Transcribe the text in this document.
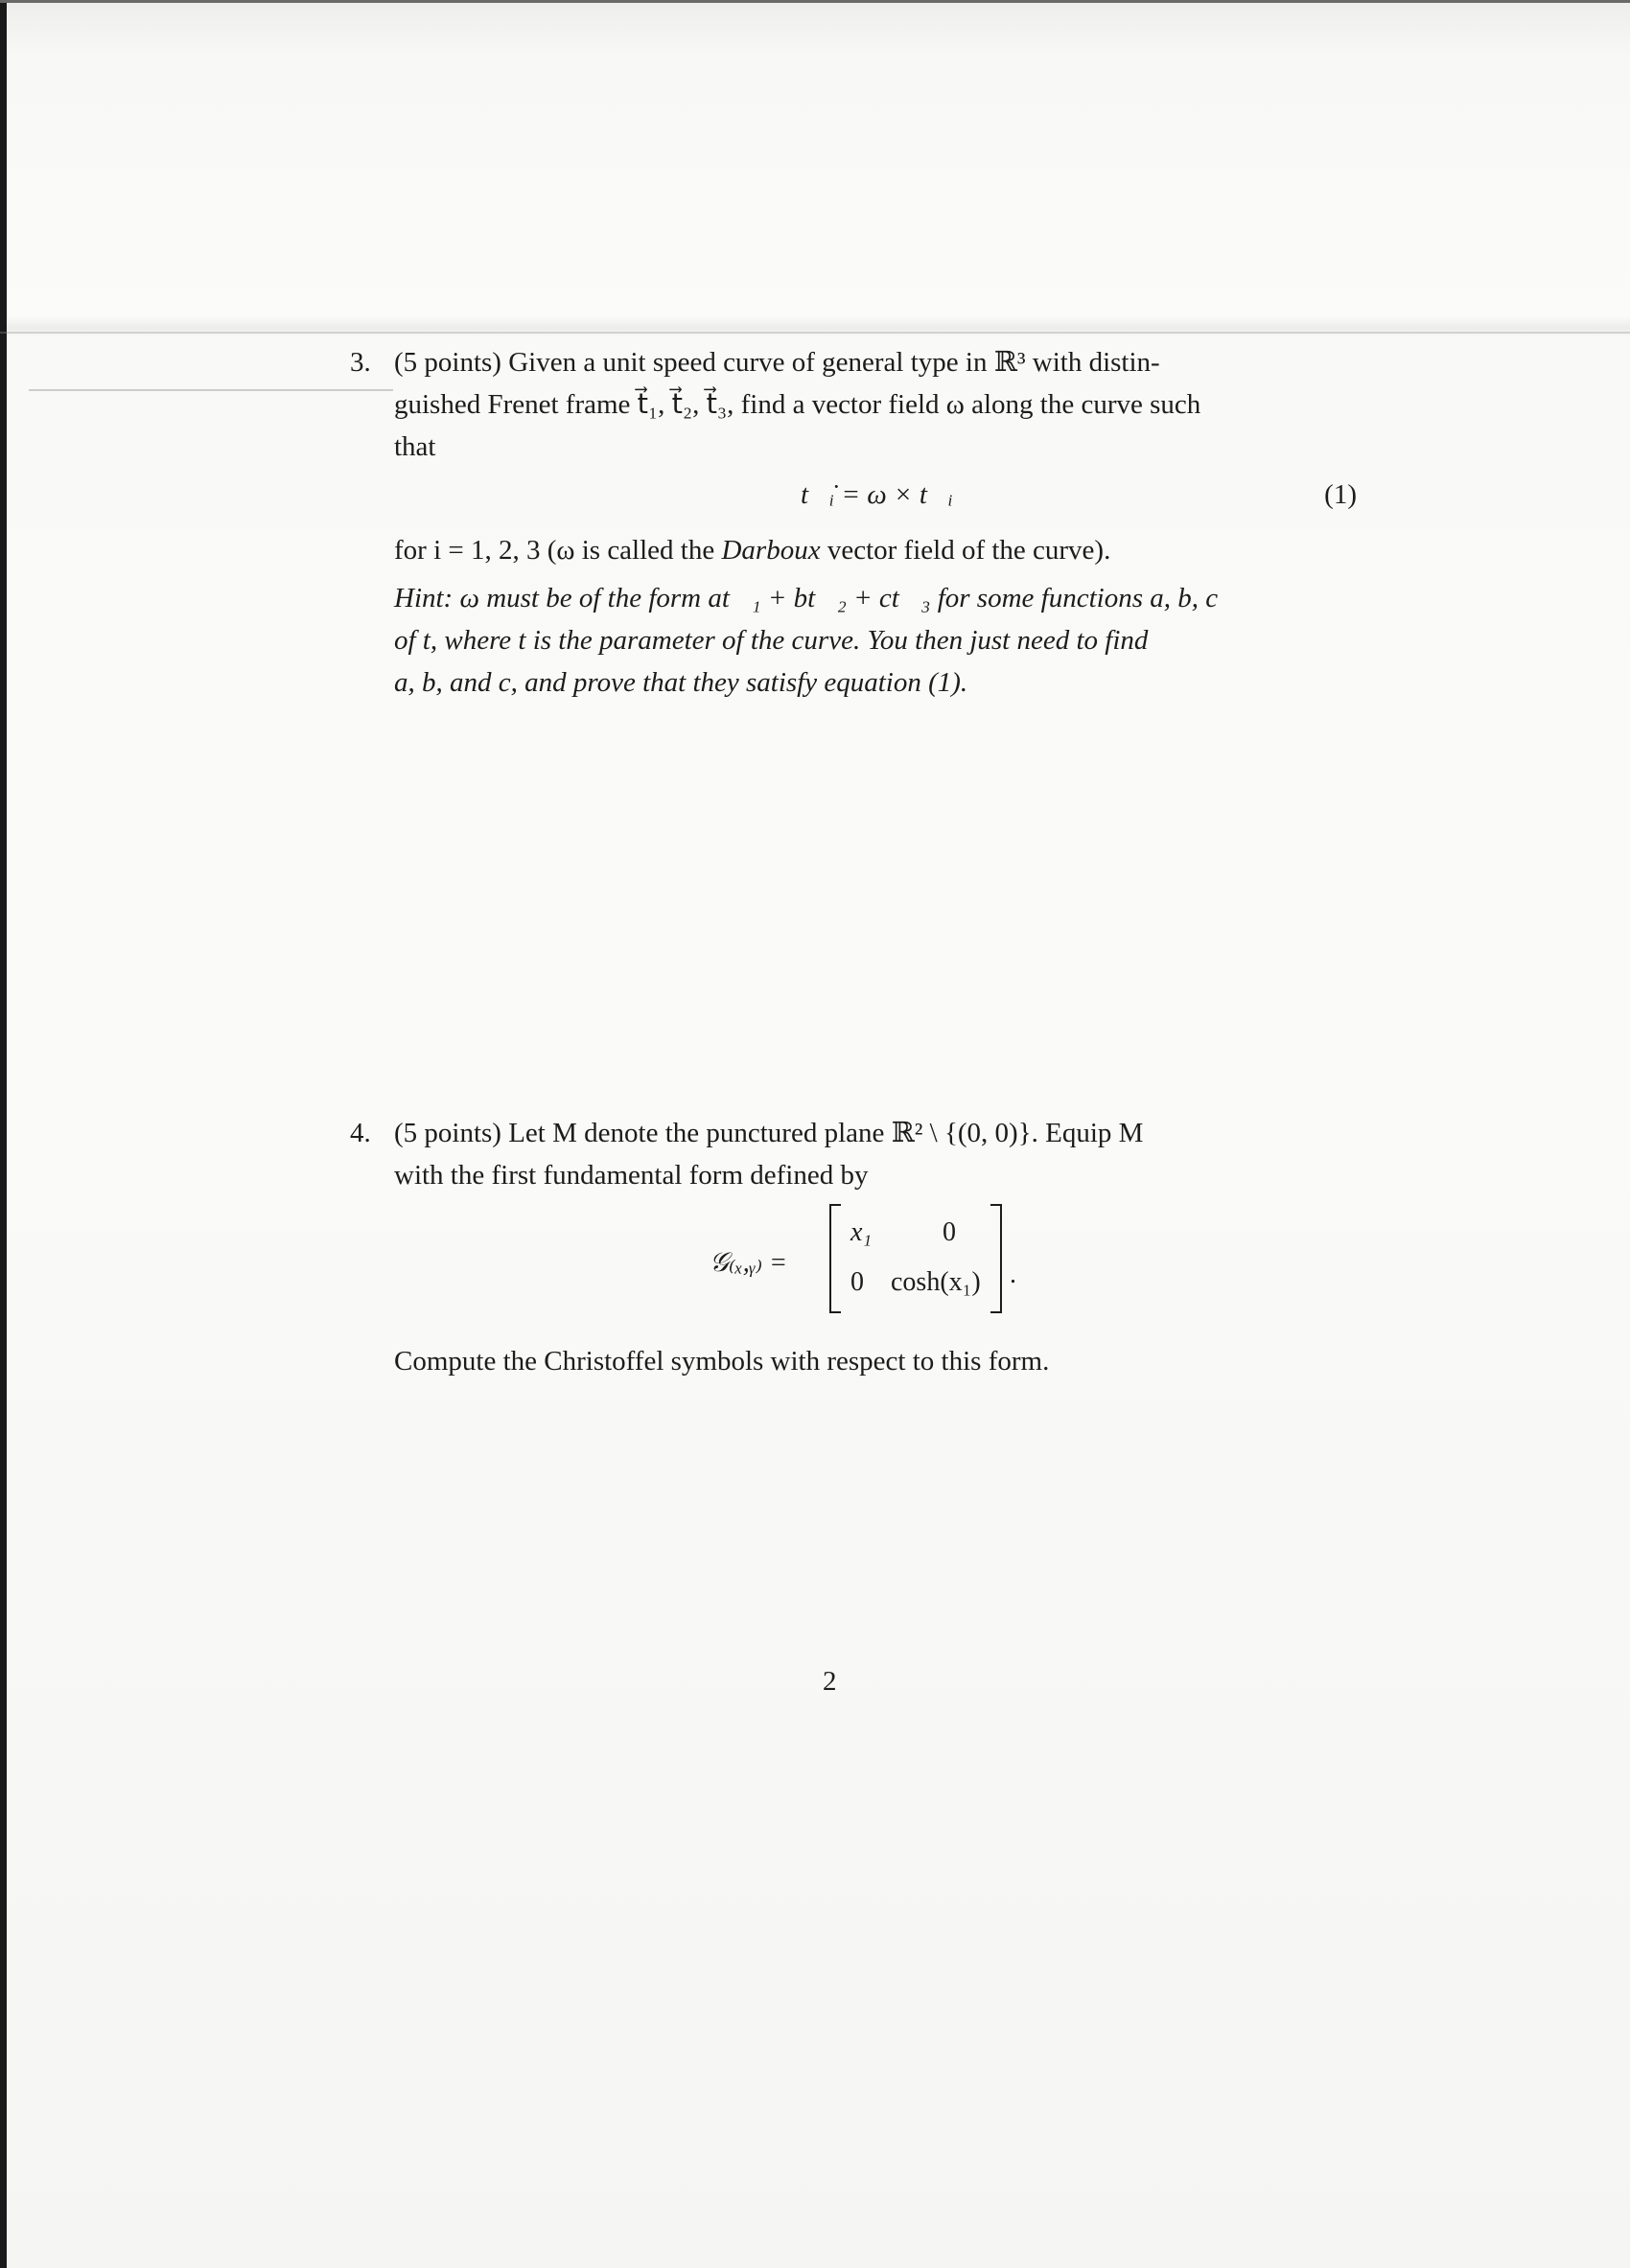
3. (5 points) Given a unit speed curve of general type in ℝ³ with distin-
guished Frenet frame t⃗₁, t⃗₂, t⃗₃, find a vector field ω along the curve such
that
t⃗̇ᵢ = ω × t⃗ᵢ	(1)
for i = 1, 2, 3 (ω is called the Darboux vector field of the curve).
Hint: ω must be of the form at⃗₁ + bt⃗₂ + ct⃗₃ for some functions a, b, c
of t, where t is the parameter of the curve. You then just need to find
a, b, and c, and prove that they satisfy equation (1).
4. (5 points) Let M denote the punctured plane ℝ² \ {(0, 0)}. Equip M
with the first fundamental form defined by
𝒢₍ₓ,ᵧ₎ =
x₁	0
0 cosh(x₁) .
Compute the Christoffel symbols with respect to this form.
2
